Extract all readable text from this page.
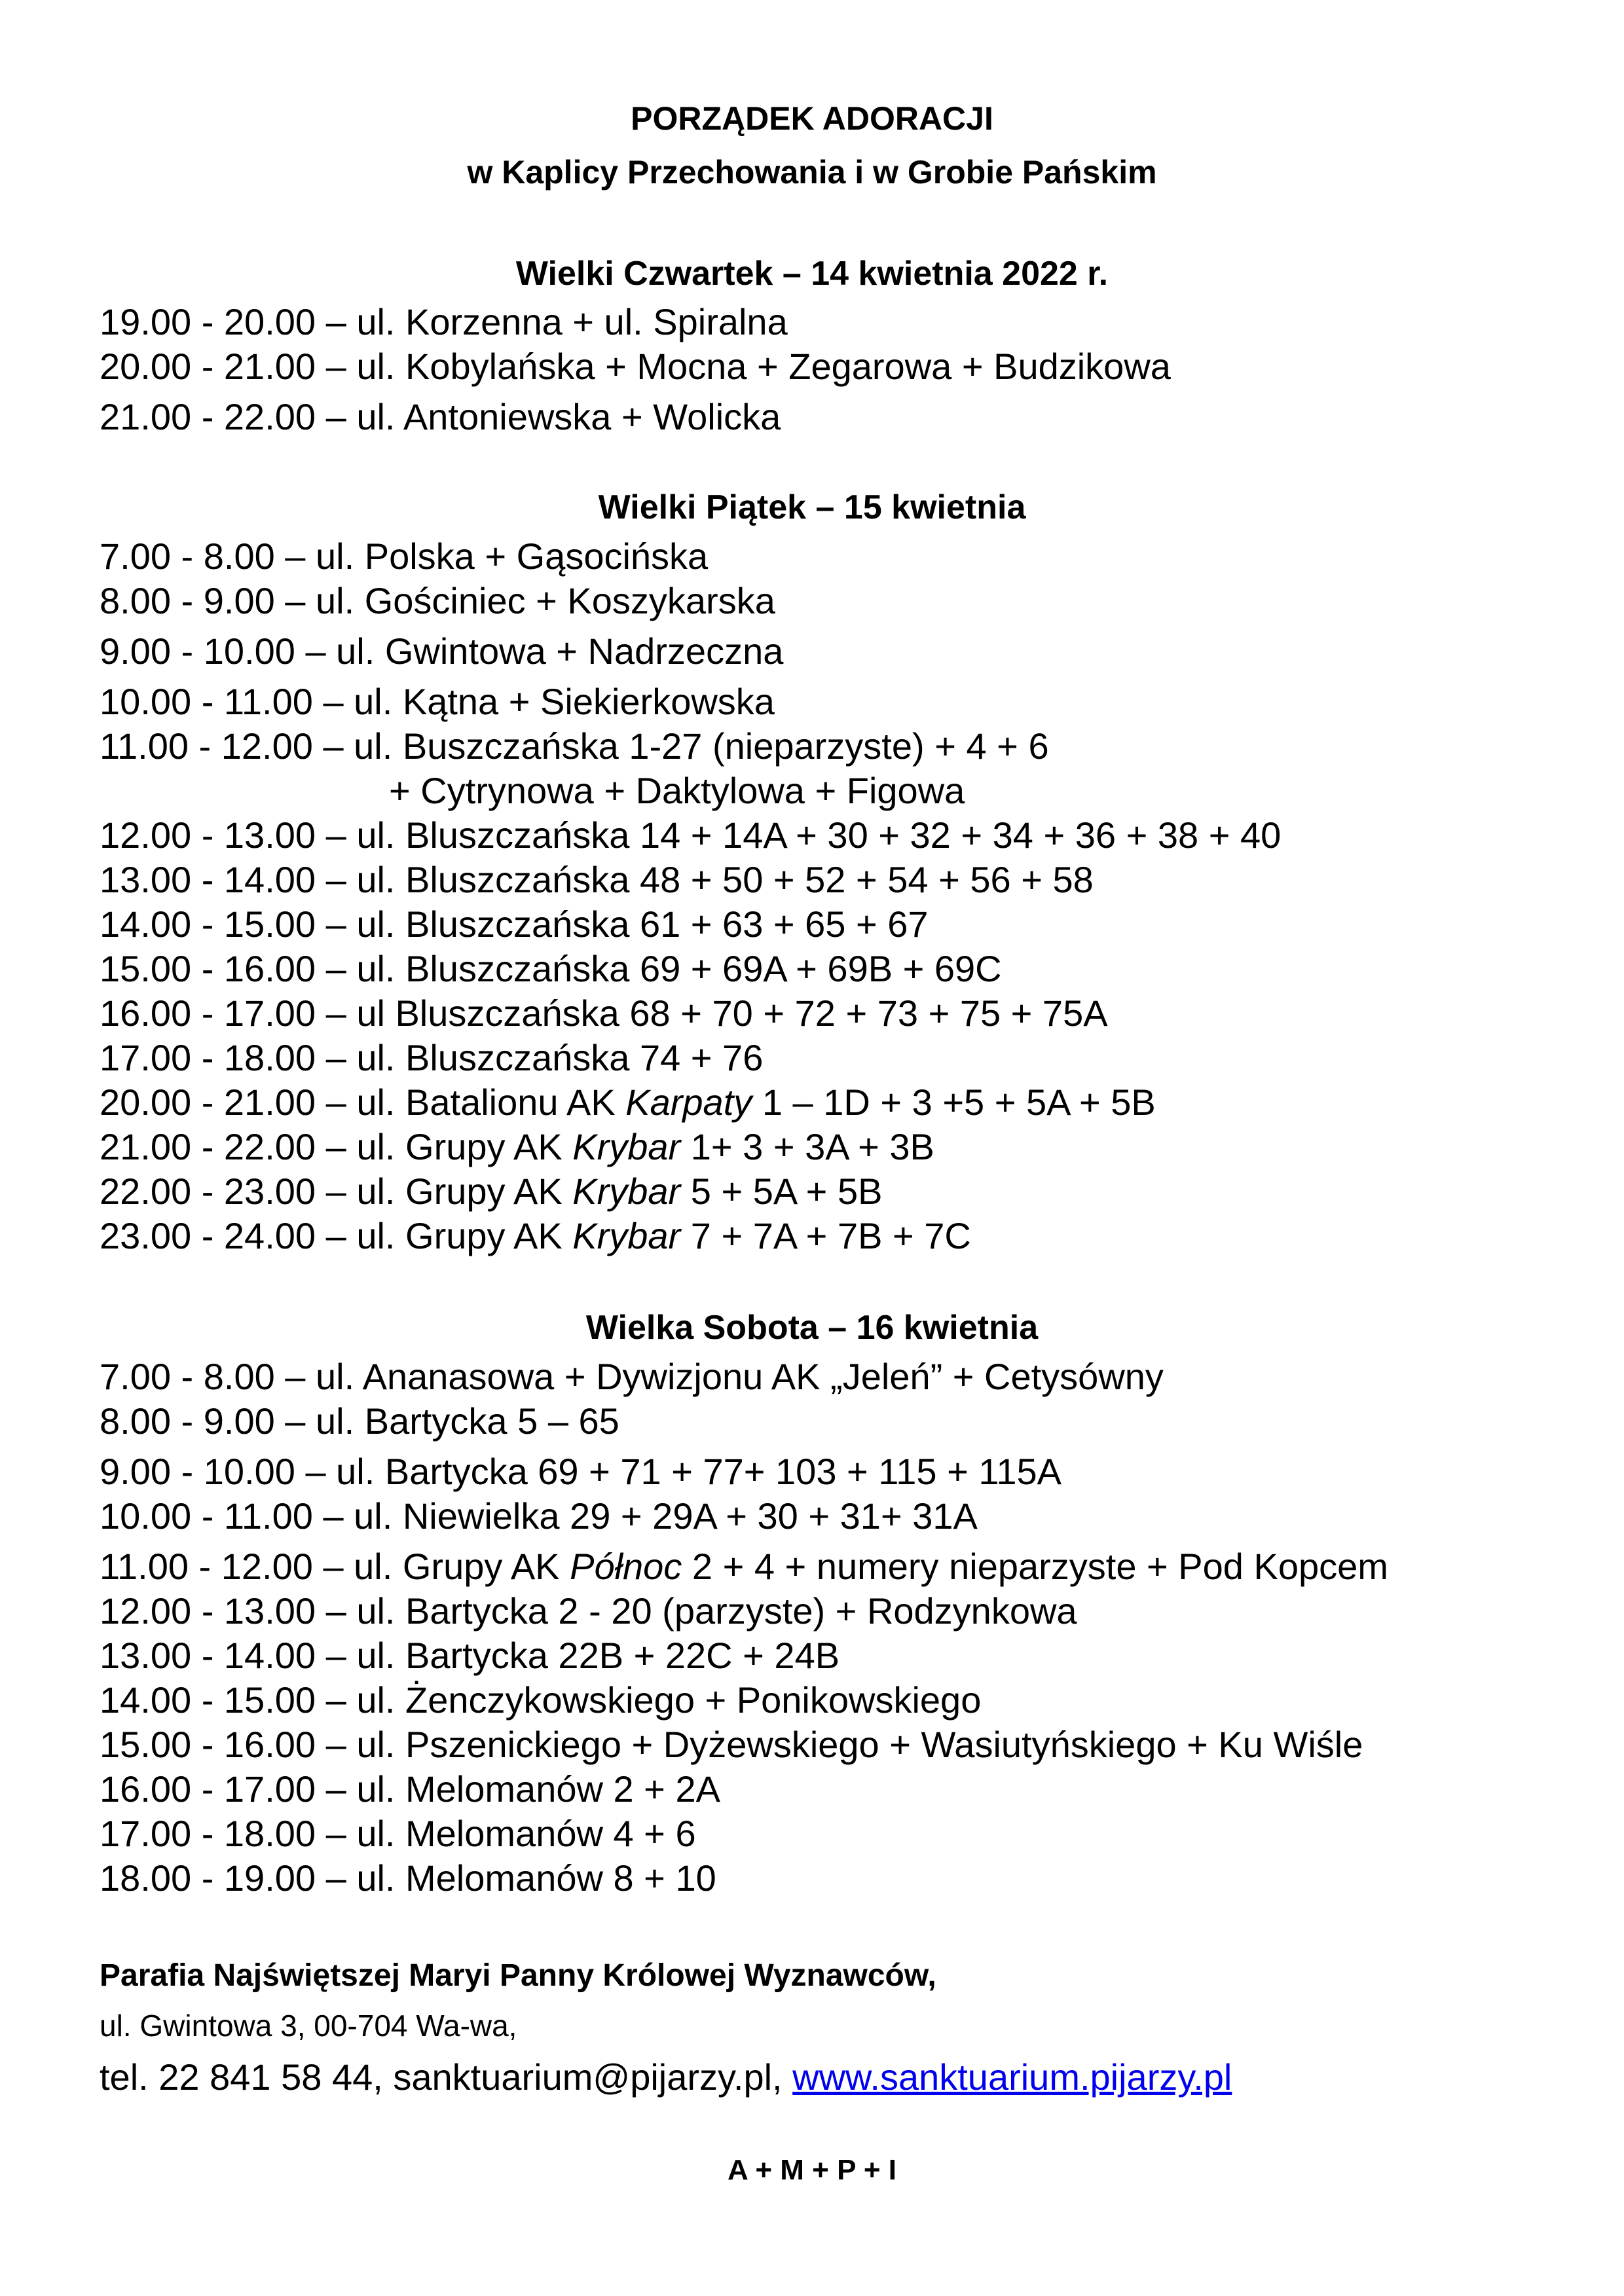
PORZĄDEK ADORACJI
w Kaplicy Przechowania i w Grobie Pańskim
Wielki Czwartek – 14 kwietnia 2022 r.
19.00 - 20.00 – ul. Korzenna + ul. Spiralna
20.00 - 21.00 – ul. Kobylańska + Mocna + Zegarowa + Budzikowa
21.00 - 22.00 – ul. Antoniewska + Wolicka
Wielki Piątek – 15 kwietnia
7.00 - 8.00 – ul. Polska + Gąsocińska
8.00 - 9.00 – ul. Gościniec + Koszykarska
9.00 - 10.00 – ul. Gwintowa + Nadrzeczna
10.00 - 11.00 – ul. Kątna + Siekierkowska
11.00 - 12.00 – ul. Buszczańska 1-27 (nieparzyste) + 4 + 6
+ Cytrynowa + Daktylowa + Figowa
12.00 - 13.00 – ul. Bluszczańska 14 + 14A + 30 + 32 + 34 + 36 + 38 + 40
13.00 - 14.00 – ul. Bluszczańska 48 + 50 + 52 + 54 + 56 + 58
14.00 - 15.00 – ul. Bluszczańska 61 + 63 + 65 + 67
15.00 - 16.00 – ul. Bluszczańska 69 + 69A + 69B + 69C
16.00 - 17.00 – ul Bluszczańska 68 + 70 + 72 + 73 + 75 + 75A
17.00 - 18.00 – ul. Bluszczańska 74 + 76
20.00 - 21.00 – ul. Batalionu AK Karpaty 1 – 1D + 3 +5 + 5A + 5B
21.00 - 22.00 – ul. Grupy AK Krybar 1+ 3 + 3A + 3B
22.00 - 23.00 – ul. Grupy AK Krybar 5 + 5A + 5B
23.00 - 24.00 – ul. Grupy AK Krybar 7 + 7A + 7B + 7C
Wielka Sobota – 16 kwietnia
7.00 - 8.00 – ul. Ananasowa + Dywizjonu AK „Jeleń” + Cetysówny
8.00 - 9.00 – ul. Bartycka 5 – 65
9.00 - 10.00 – ul. Bartycka 69 + 71 + 77+ 103 + 115 + 115A
10.00 - 11.00 – ul. Niewielka 29 + 29A + 30 + 31+ 31A
11.00 - 12.00 – ul. Grupy AK Północ 2 + 4 + numery nieparzyste + Pod Kopcem
12.00 - 13.00 – ul. Bartycka 2 - 20 (parzyste) + Rodzynkowa
13.00 - 14.00 – ul. Bartycka 22B + 22C + 24B
14.00 - 15.00 – ul. Żenczykowskiego + Ponikowskiego
15.00 - 16.00 – ul. Pszenickiego + Dyżewskiego + Wasiutyńskiego + Ku Wiśle
16.00 - 17.00 – ul. Melomanów 2 + 2A
17.00 - 18.00 – ul. Melomanów 4 + 6
18.00 - 19.00 – ul. Melomanów 8 + 10
Parafia Najświętszej Maryi Panny Królowej Wyznawców,
ul. Gwintowa 3, 00-704 Wa-wa,
tel. 22 841 58 44, sanktuarium@pijarzy.pl, www.sanktuarium.pijarzy.pl
A + M + P + I
